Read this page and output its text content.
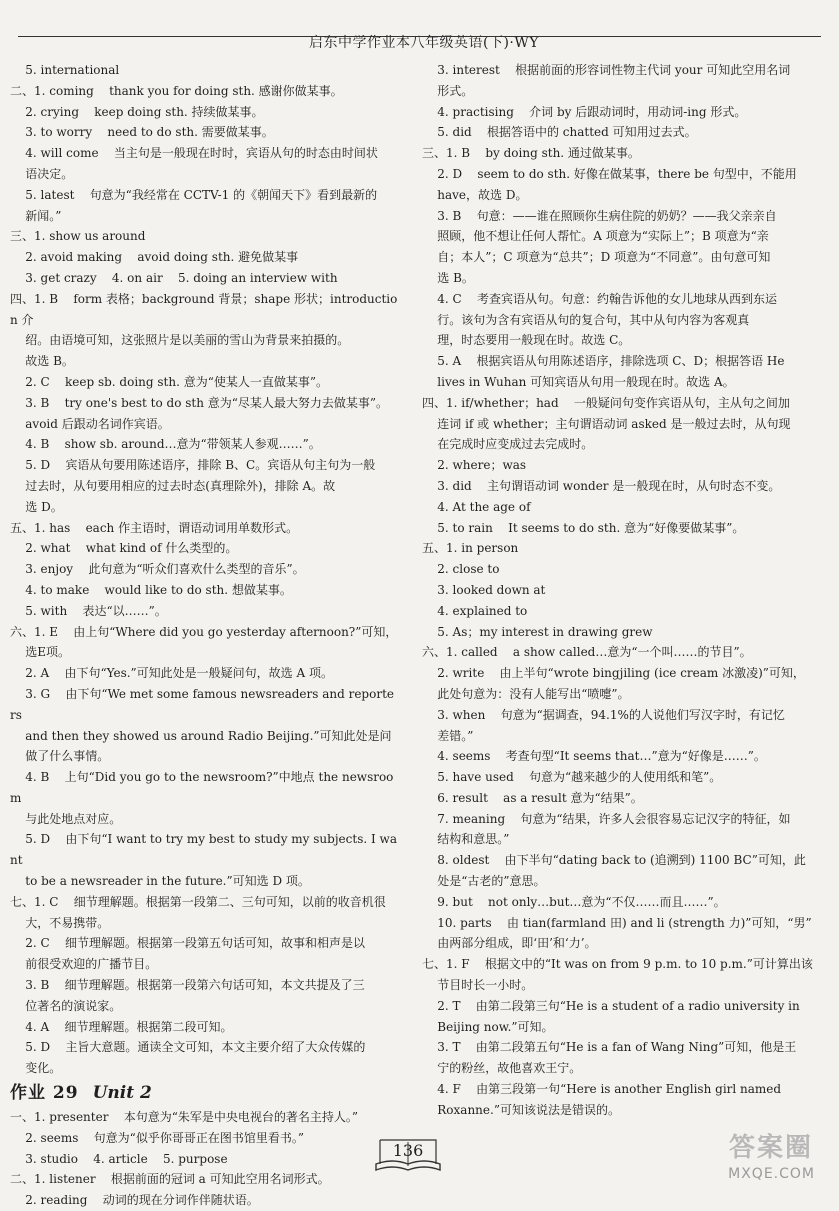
启东中学作业本八年级英语(下)·WY
5. international
二、1. coming    thank you for doing sth. 感谢你做某事。
2. crying    keep doing sth. 持续做某事。
3. to worry    need to do sth. 需要做某事。
4. will come    当主句是一般现在时时，宾语从句的时态由时间状
语决定。
5. latest    句意为“我经常在 CCTV-1 的《朝闻天下》看到最新的
新闻。”
三、1. show us around
2. avoid making    avoid doing sth. 避免做某事
3. get crazy    4. on air    5. doing an interview with
四、1. B    form 表格；background 背景；shape 形状；introduction 介
绍。由语境可知，这张照片是以美丽的雪山为背景来拍摄的。
故选 B。
2. C    keep sb. doing sth. 意为“使某人一直做某事”。
3. B    try one's best to do sth 意为“尽某人最大努力去做某事”。
avoid 后跟动名词作宾语。
4. B    show sb. around…意为“带领某人参观……”。
5. D    宾语从句要用陈述语序，排除 B、C。宾语从句主句为一般
过去时，从句要用相应的过去时态(真理除外)，排除 A。故
选 D。
五、1. has    each 作主语时，谓语动词用单数形式。
2. what    what kind of 什么类型的。
3. enjoy    此句意为“听众们喜欢什么类型的音乐”。
4. to make    would like to do sth. 想做某事。
5. with    表达“以……”。
六、1. E    由上句“Where did you go yesterday afternoon?”可知，
选E项。
2. A    由下句“Yes.”可知此处是一般疑问句，故选 A 项。
3. G    由下句“We met some famous newsreaders and reporters
and then they showed us around Radio Beijing.”可知此处是问
做了什么事情。
4. B    上句“Did you go to the newsroom?”中地点 the newsroom
与此处地点对应。
5. D    由下句“I want to try my best to study my subjects. I want
to be a newsreader in the future.”可知选 D 项。
七、1. C    细节理解题。根据第一段第二、三句可知，以前的收音机很
大，不易携带。
2. C    细节理解题。根据第一段第五句话可知，故事和相声是以
前很受欢迎的广播节目。
3. B    细节理解题。根据第一段第六句话可知，本文共提及了三
位著名的演说家。
4. A    细节理解题。根据第二段可知。
5. D    主旨大意题。通读全文可知，本文主要介绍了大众传媒的
变化。
作业 29 Unit 2
一、1. presenter    本句意为“朱军是中央电视台的著名主持人。”
2. seems    句意为“似乎你哥哥正在图书馆里看书。”
3. studio    4. article    5. purpose
二、1. listener    根据前面的冠词 a 可知此空用名词形式。
2. reading    动词的现在分词作伴随状语。
3. interest    根据前面的形容词性物主代词 your 可知此空用名词
形式。
4. practising    介词 by 后跟动词时，用动词-ing 形式。
5. did    根据答语中的 chatted 可知用过去式。
三、1. B    by doing sth. 通过做某事。
2. D    seem to do sth. 好像在做某事，there be 句型中，不能用
have，故选 D。
3. B    句意：——谁在照顾你生病住院的奶奶？——我父亲亲自
照顾，他不想让任何人帮忙。A 项意为“实际上”；B 项意为“亲
自；本人”；C 项意为“总共”；D 项意为“不同意”。由句意可知
选 B。
4. C    考查宾语从句。句意：约翰告诉他的女儿地球从西到东运
行。该句为含有宾语从句的复合句，其中从句内容为客观真
理，时态要用一般现在时。故选 C。
5. A    根据宾语从句用陈述语序，排除选项 C、D；根据答语 He
lives in Wuhan 可知宾语从句用一般现在时。故选 A。
四、1. if/whether；had    一般疑问句变作宾语从句，主从句之间加
连词 if 或 whether；主句谓语动词 asked 是一般过去时，从句现
在完成时应变成过去完成时。
2. where；was
3. did    主句谓语动词 wonder 是一般现在时，从句时态不变。
4. At the age of
5. to rain    It seems to do sth. 意为“好像要做某事”。
五、1. in person
2. close to
3. looked down at
4. explained to
5. As；my interest in drawing grew
六、1. called    a show called…意为“一个叫……的节目”。
2. write    由上半句“wrote bingjiling (ice cream 冰激凌)”可知，
此处句意为：没有人能写出“喷嚏”。
3. when    句意为“据调查，94.1%的人说他们写汉字时，有记忆
差错。”
4. seems    考查句型“It seems that…”意为“好像是……”。
5. have used    句意为“越来越少的人使用纸和笔”。
6. result    as a result 意为“结果”。
7. meaning    句意为“结果，许多人会很容易忘记汉字的特征，如
结构和意思。”
8. oldest    由下半句“dating back to (追溯到) 1100 BC”可知，此
处是“古老的”意思。
9. but    not only…but…意为“不仅……而且……”。
10. parts    由 tian(farmland 田) and li (strength 力)”可知，“男”
由两部分组成，即‘田’和‘力’。
七、1. F    根据文中的“It was on from 9 p.m. to 10 p.m.”可计算出该
节目时长一小时。
2. T    由第二段第三句“He is a student of a radio university in
Beijing now.”可知。
3. T    由第二段第五句“He is a fan of Wang Ning”可知，他是王
宁的粉丝，故他喜欢王宁。
4. F    由第三段第一句“Here is another English girl named
Roxanne.”可知该说法是错误的。
136	答案圈
MXQE.COM
